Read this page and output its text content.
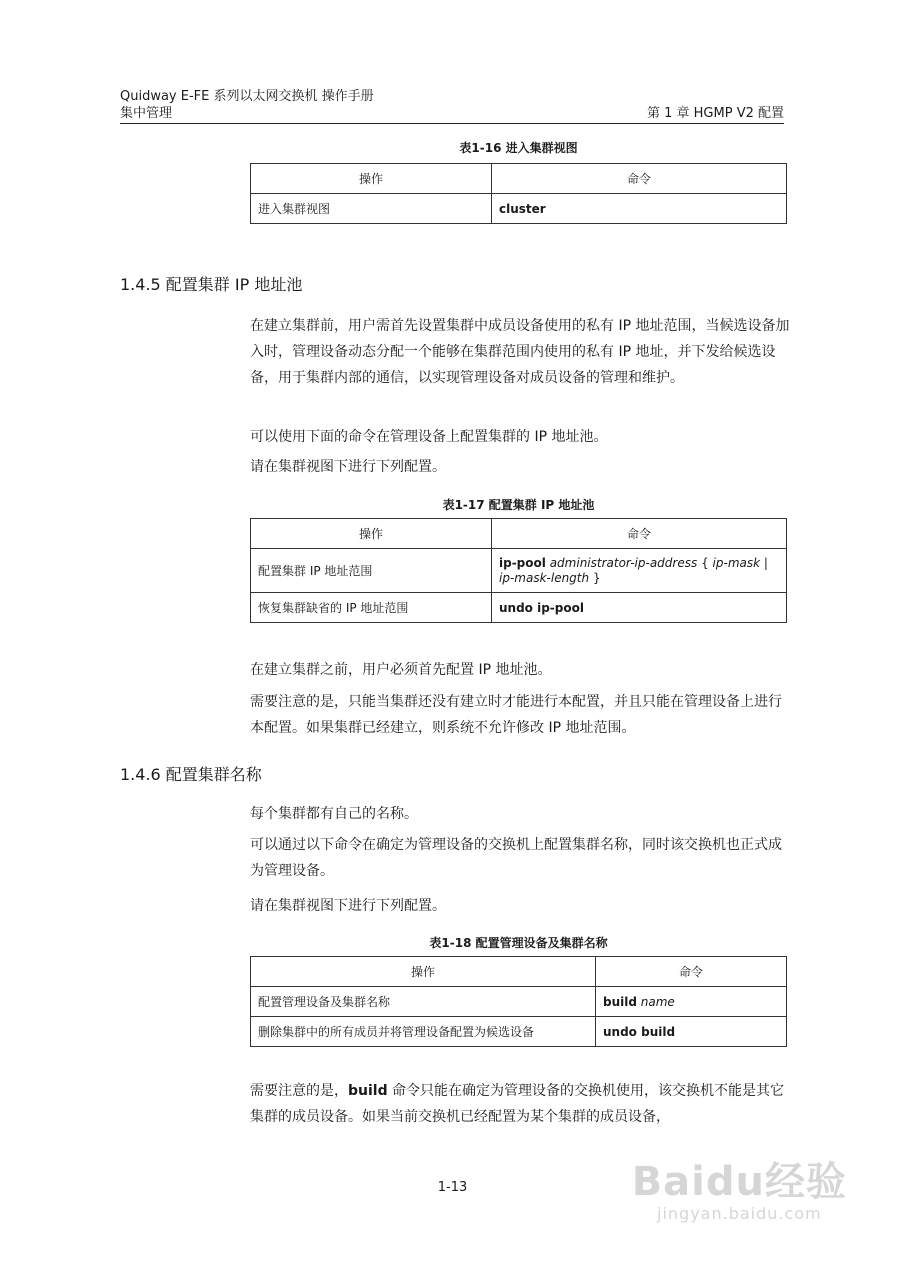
Quidway E-FE 系列以太网交换机 操作手册
集中管理	第 1 章 HGMP V2 配置
表1-16 进入集群视图
操作	命令
进入集群视图	cluster
1.4.5 配置集群 IP 地址池

在建立集群前，用户需首先设置集群中成员设备使用的私有 IP 地址范围，当候选设备加入时，管理设备动态分配一个能够在集群范围内使用的私有 IP 地址，并下发给候选设备，用于集群内部的通信，以实现管理设备对成员设备的管理和维护。

可以使用下面的命令在管理设备上配置集群的 IP 地址池。

请在集群视图下进行下列配置。

表1-17 配置集群 IP 地址池
操作	命令
配置集群 IP 地址范围	ip-pool administrator-ip-address { ip-mask |
ip-mask-length }
恢复集群缺省的 IP 地址范围	undo ip-pool

在建立集群之前，用户必须首先配置 IP 地址池。

需要注意的是，只能当集群还没有建立时才能进行本配置，并且只能在管理设备上进行本配置。如果集群已经建立，则系统不允许修改 IP 地址范围。

1.4.6 配置集群名称

每个集群都有自己的名称。

可以通过以下命令在确定为管理设备的交换机上配置集群名称，同时该交换机也正式成为管理设备。

请在集群视图下进行下列配置。

表1-18 配置管理设备及集群名称
操作	命令
配置管理设备及集群名称	build name
删除集群中的所有成员并将管理设备配置为候选设备	undo build

需要注意的是，build 命令只能在确定为管理设备的交换机使用，该交换机不能是其它集群的成员设备。如果当前交换机已经配置为某个集群的成员设备，

1-13	Baidu经验
jingyan.baidu.com
